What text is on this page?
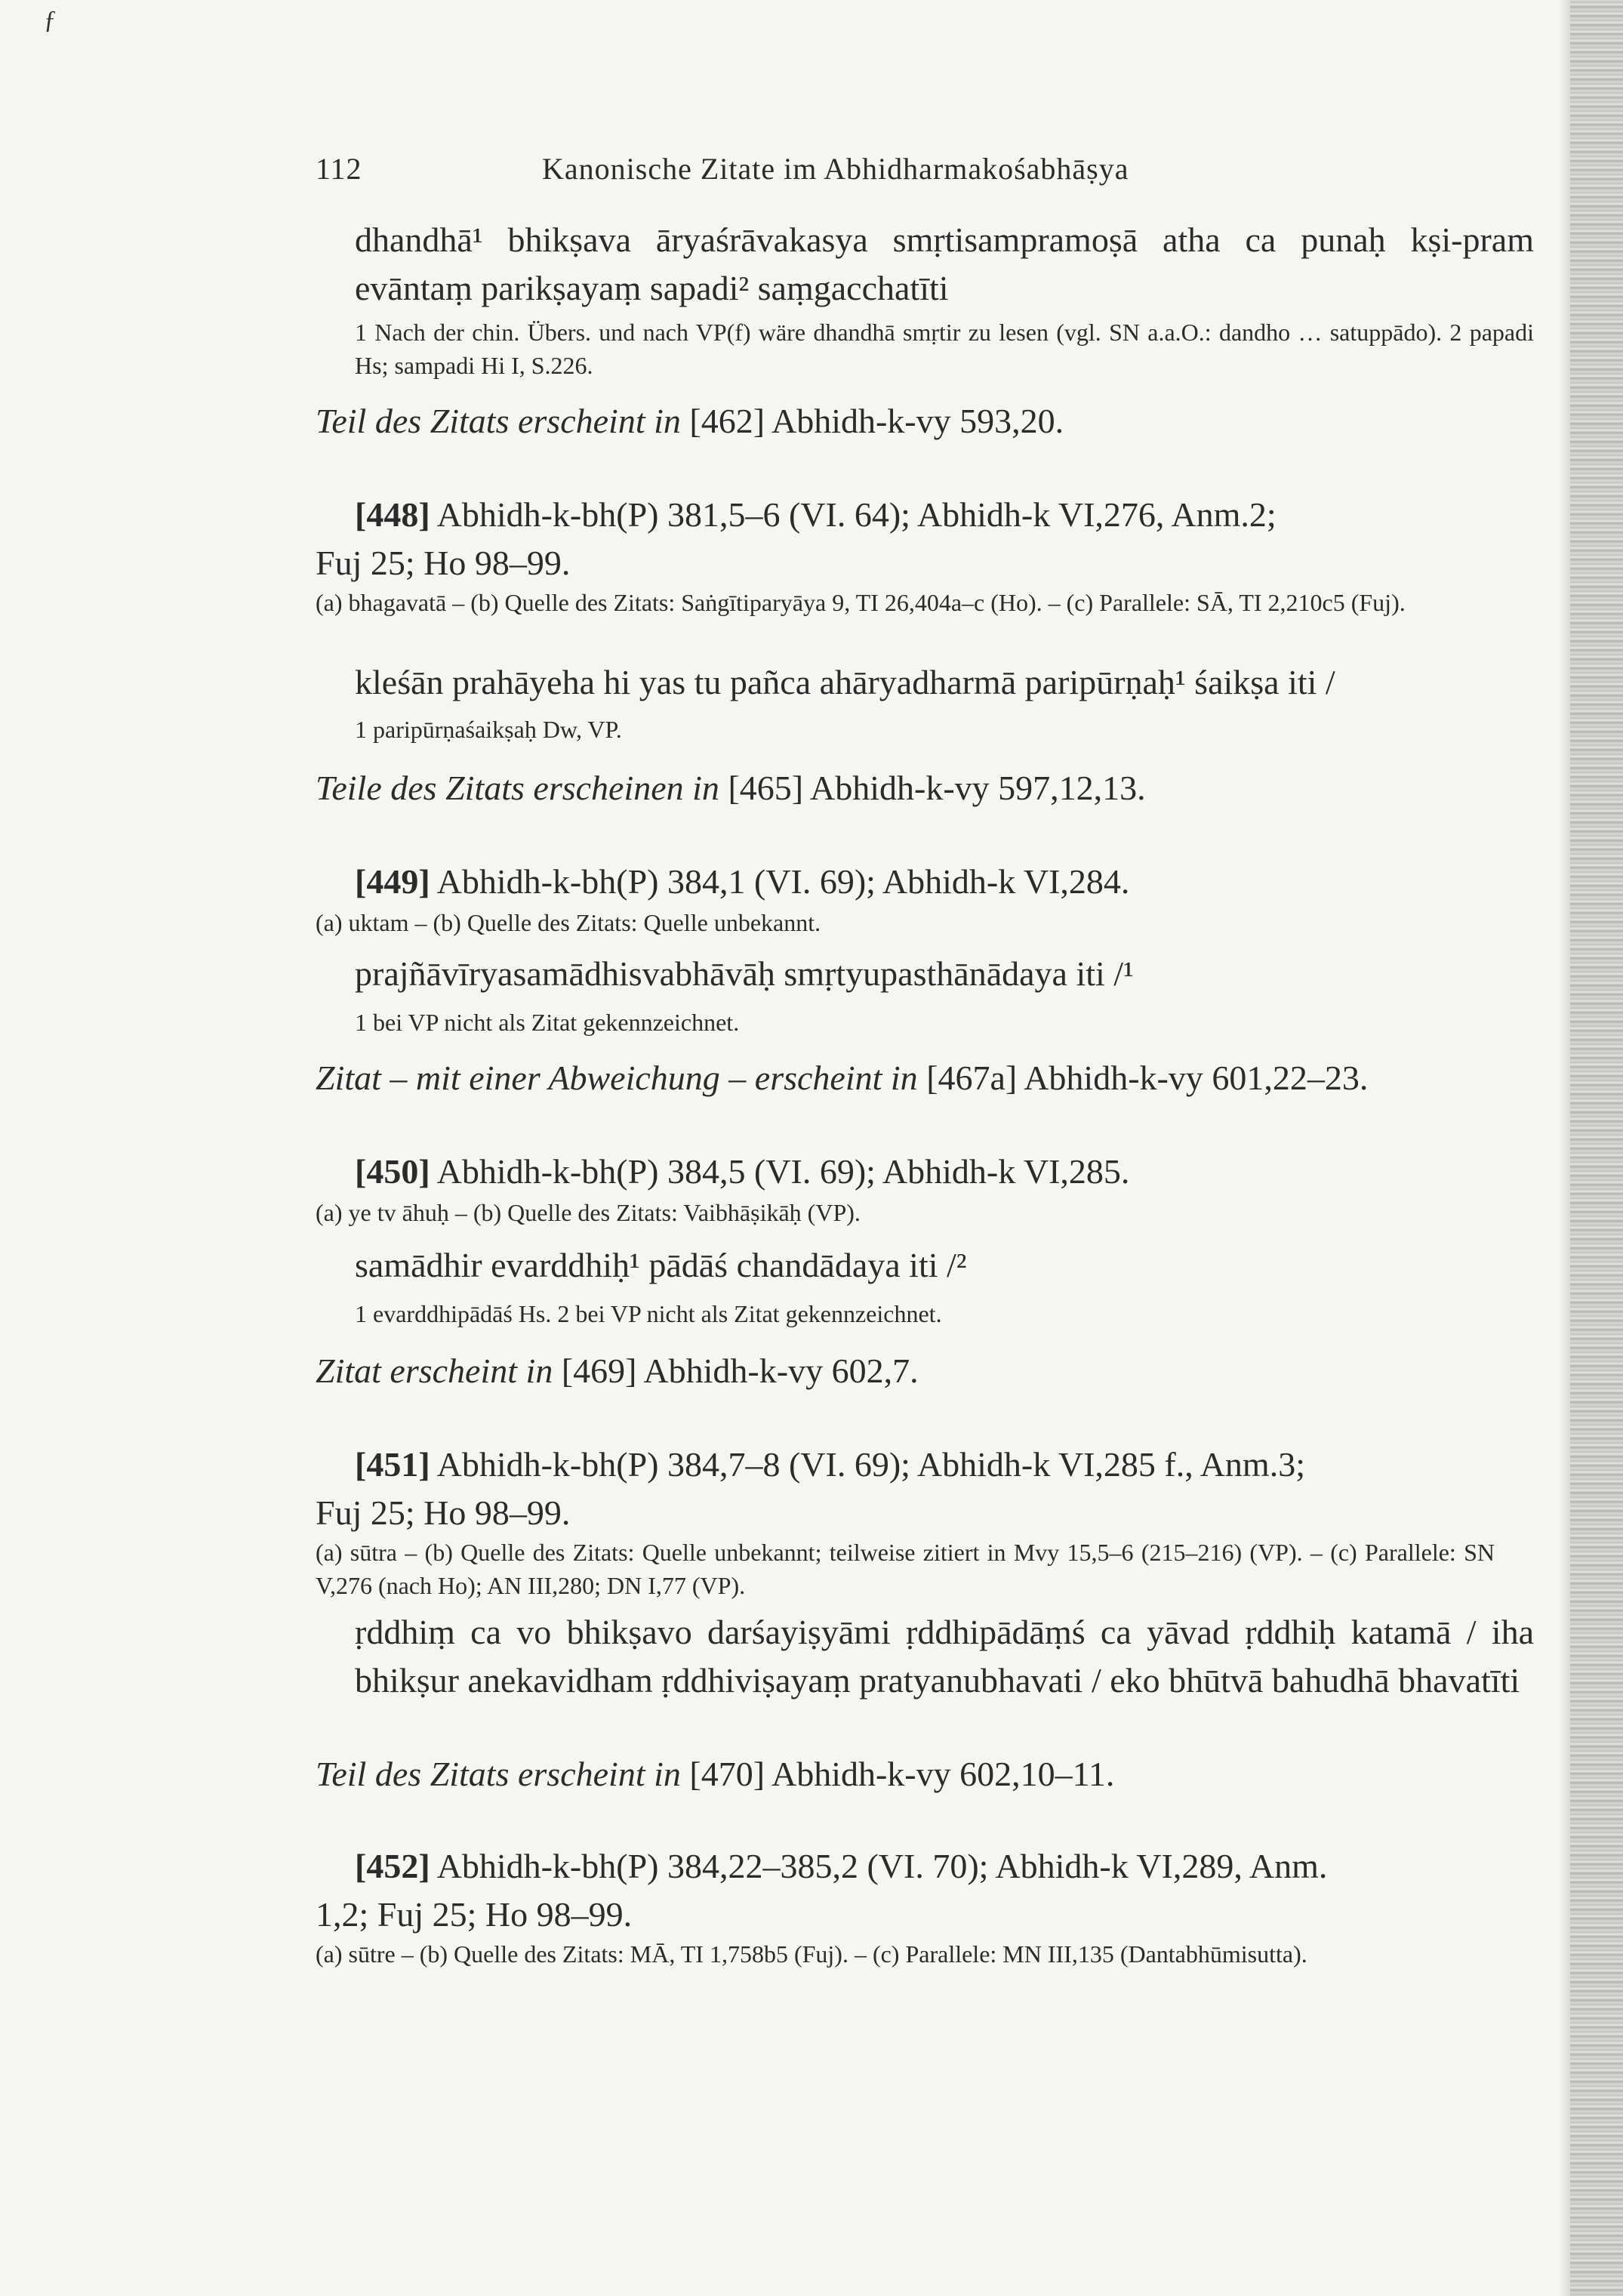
ƒ
112	Kanonische Zitate im Abhidharmakośabhāṣya
dhandhā¹ bhikṣava āryaśrāvakasya smṛtisampramoṣā atha ca punaḥ kṣi-pram evāntaṃ parikṣayaṃ sapadi² saṃgacchatīti
1 Nach der chin. Übers. und nach VP(f) wäre dhandhā smṛtir zu lesen (vgl. SN a.a.O.: dandho … satuppādo). 2 papadi Hs; sampadi Hi I, S.226.
Teil des Zitats erscheint in [462] Abhidh-k-vy 593,20.
[448] Abhidh-k-bh(P) 381,5–6 (VI. 64); Abhidh-k VI,276, Anm.2;
Fuj 25; Ho 98–99.
(a) bhagavatā – (b) Quelle des Zitats: Saṅgītiparyāya 9, TI 26,404a–c (Ho). – (c) Parallele: SĀ, TI 2,210c5 (Fuj).
kleśān prahāyeha hi yas tu pañca ahāryadharmā paripūrṇaḥ¹ śaikṣa iti /
1 paripūrṇaśaikṣaḥ Dw, VP.
Teile des Zitats erscheinen in [465] Abhidh-k-vy 597,12,13.
[449] Abhidh-k-bh(P) 384,1 (VI. 69); Abhidh-k VI,284.
(a) uktam – (b) Quelle des Zitats: Quelle unbekannt.
prajñāvīryasamādhisvabhāvāḥ smṛtyupasthānādaya iti /¹
1 bei VP nicht als Zitat gekennzeichnet.
Zitat – mit einer Abweichung – erscheint in [467a] Abhidh-k-vy 601,22–23.
[450] Abhidh-k-bh(P) 384,5 (VI. 69); Abhidh-k VI,285.
(a) ye tv āhuḥ – (b) Quelle des Zitats: Vaibhāṣikāḥ (VP).
samādhir evarddhiḥ¹ pādāś chandādaya iti /²
1 evarddhipādāś Hs. 2 bei VP nicht als Zitat gekennzeichnet.
Zitat erscheint in [469] Abhidh-k-vy 602,7.
[451] Abhidh-k-bh(P) 384,7–8 (VI. 69); Abhidh-k VI,285 f., Anm.3;
Fuj 25; Ho 98–99.
(a) sūtra – (b) Quelle des Zitats: Quelle unbekannt; teilweise zitiert in Mvy 15,5–6 (215–216) (VP). – (c) Parallele: SN V,276 (nach Ho); AN III,280; DN I,77 (VP).
ṛddhiṃ ca vo bhikṣavo darśayiṣyāmi ṛddhipādāṃś ca yāvad ṛddhiḥ katamā / iha bhikṣur anekavidham ṛddhiviṣayaṃ pratyanubhavati / eko bhūtvā bahudhā bhavatīti
Teil des Zitats erscheint in [470] Abhidh-k-vy 602,10–11.
[452] Abhidh-k-bh(P) 384,22–385,2 (VI. 70); Abhidh-k VI,289, Anm.
1,2; Fuj 25; Ho 98–99.
(a) sūtre – (b) Quelle des Zitats: MĀ, TI 1,758b5 (Fuj). – (c) Parallele: MN III,135 (Dantabhūmisutta).
